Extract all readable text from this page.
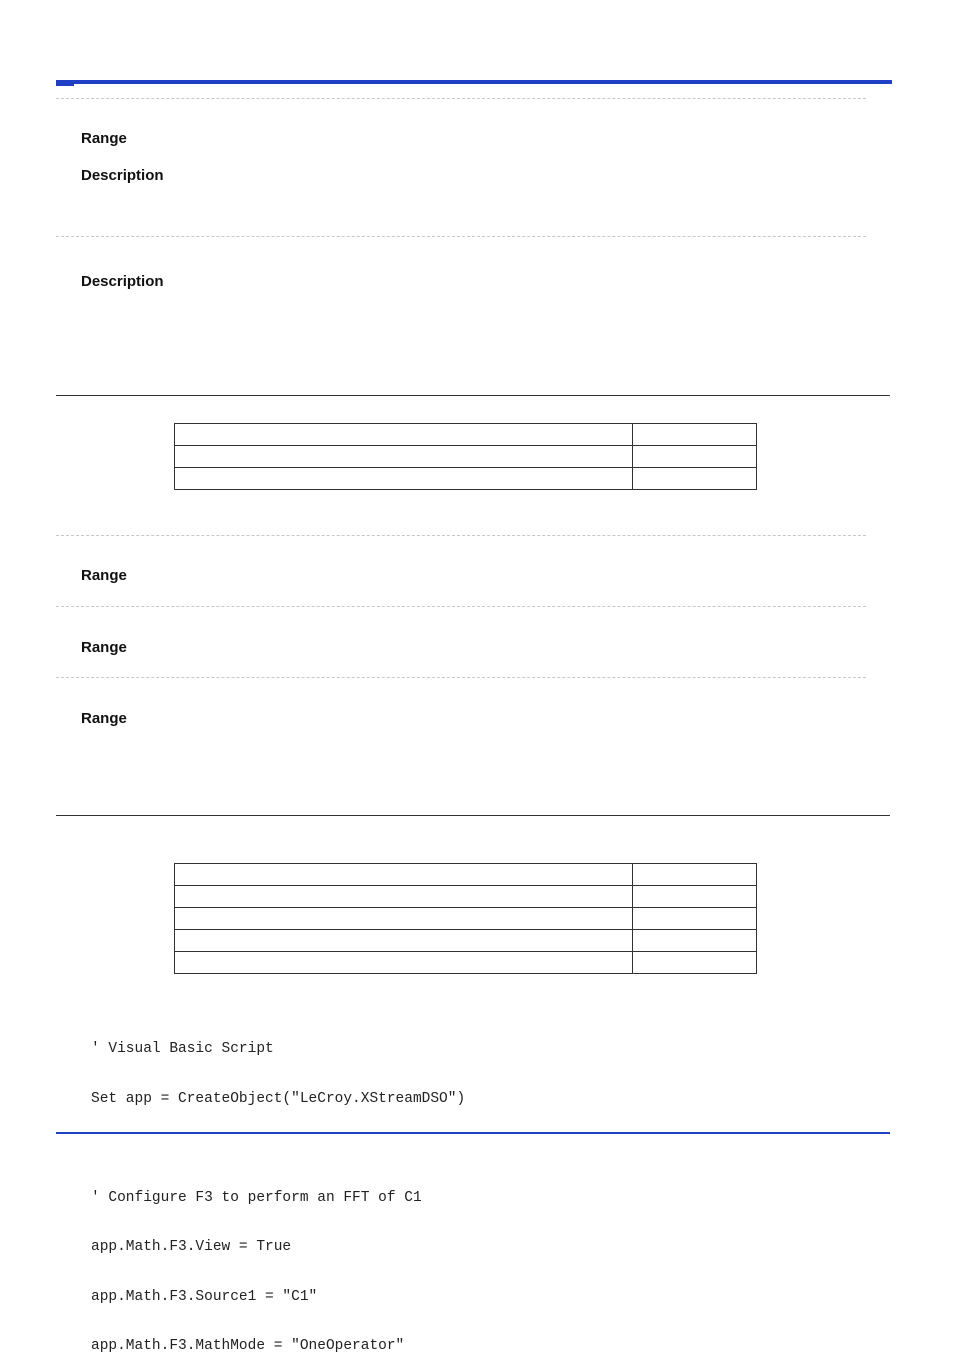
Range
Description
Description

Range
Range
Range

' Visual Basic Script

Set app = CreateObject("LeCroy.XStreamDSO")

' Configure F3 to perform an FFT of C1

app.Math.F3.View = True

app.Math.F3.Source1 = "C1"

app.Math.F3.MathMode = "OneOperator"
